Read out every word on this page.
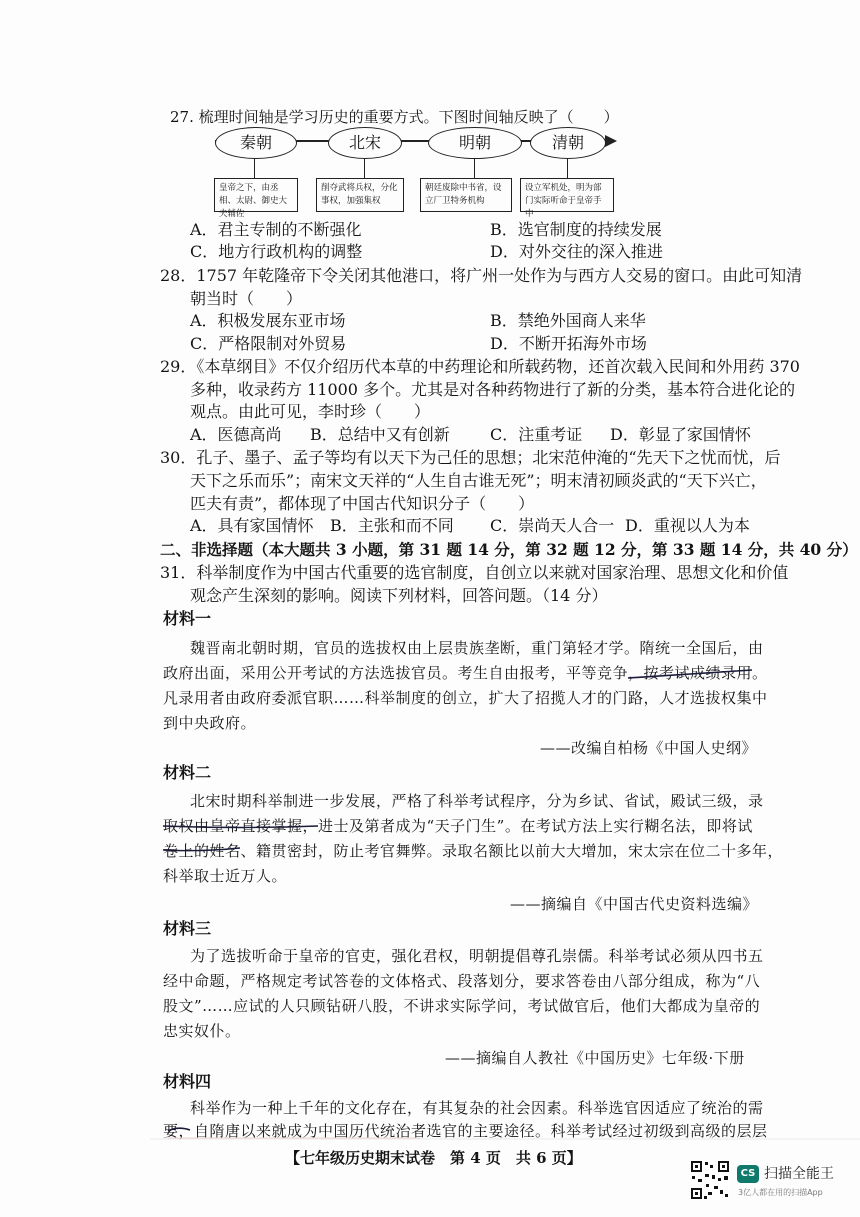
27. 梳理时间轴是学习历史的重要方式。下图时间轴反映了（　　）
秦朝	北宋	明朝	清朝
皇帝之下，由丞相、太尉、御史大夫辅佐
削夺武将兵权，分化事权，加强集权
朝廷废除中书省，设立厂卫特务机构
设立军机处，明为部门实际听命于皇帝手中
A．君主专制的不断强化	B．选官制度的持续发展
C．地方行政机构的调整	D．对外交往的深入推进
28．1757 年乾隆帝下令关闭其他港口，将广州一处作为与西方人交易的窗口。由此可知清
朝当时（　　）
A．积极发展东亚市场	B．禁绝外国商人来华
C．严格限制对外贸易	D．不断开拓海外市场
29．《本草纲目》不仅介绍历代本草的中药理论和所载药物，还首次载入民间和外用药 370
多种，收录药方 11000 多个。尤其是对各种药物进行了新的分类，基本符合进化论的
观点。由此可见，李时珍（　　）
A．医德高尚 B．总结中又有创新	C．注重考证 D．彰显了家国情怀
30．孔子、墨子、孟子等均有以天下为己任的思想；北宋范仲淹的“先天下之忧而忧，后
天下之乐而乐”；南宋文天祥的“人生自古谁无死”；明末清初顾炎武的“天下兴亡，
匹夫有责”，都体现了中国古代知识分子（　　）
A．具有家国情怀 B．主张和而不同 C．崇尚天人合一 D．重视以人为本
二、非选择题（本大题共 3 小题，第 31 题 14 分，第 32 题 12 分，第 33 题 14 分，共 40 分）
31．科举制度作为中国古代重要的选官制度，自创立以来就对国家治理、思想文化和价值
观念产生深刻的影响。阅读下列材料，回答问题。（14 分）
材料一
魏晋南北朝时期，官员的选拔权由上层贵族垄断，重门第轻才学。隋统一全国后，由
政府出面，采用公开考试的方法选拔官员。考生自由报考，平等竞争，按考试成绩录用。
凡录用者由政府委派官职……科举制度的创立，扩大了招揽人才的门路，人才选拔权集中
到中央政府。
——改编自柏杨《中国人史纲》
材料二
北宋时期科举制进一步发展，严格了科举考试程序，分为乡试、省试，殿试三级，录
取权由皇帝直接掌握，进士及第者成为“天子门生”。在考试方法上实行糊名法，即将试
卷上的姓名、籍贯密封，防止考官舞弊。录取名额比以前大大增加，宋太宗在位二十多年，
科举取士近万人。
——摘编自《中国古代史资料选编》
材料三
为了选拔听命于皇帝的官吏，强化君权，明朝提倡尊孔崇儒。科举考试必须从四书五
经中命题，严格规定考试答卷的文体格式、段落划分，要求答卷由八部分组成，称为“八
股文”……应试的人只顾钻研八股，不讲求实际学问，考试做官后，他们大都成为皇帝的
忠实奴仆。
——摘编自人教社《中国历史》七年级·下册
材料四
科举作为一种上千年的文化存在，有其复杂的社会因素。科举选官因适应了统治的需
要，自隋唐以来就成为中国历代统治者选官的主要途径。科举考试经过初级到高级的层层
【七年级历史期末试卷　第 4 页　共 6 页】
CS 扫描全能王
3亿人都在用的扫描App
